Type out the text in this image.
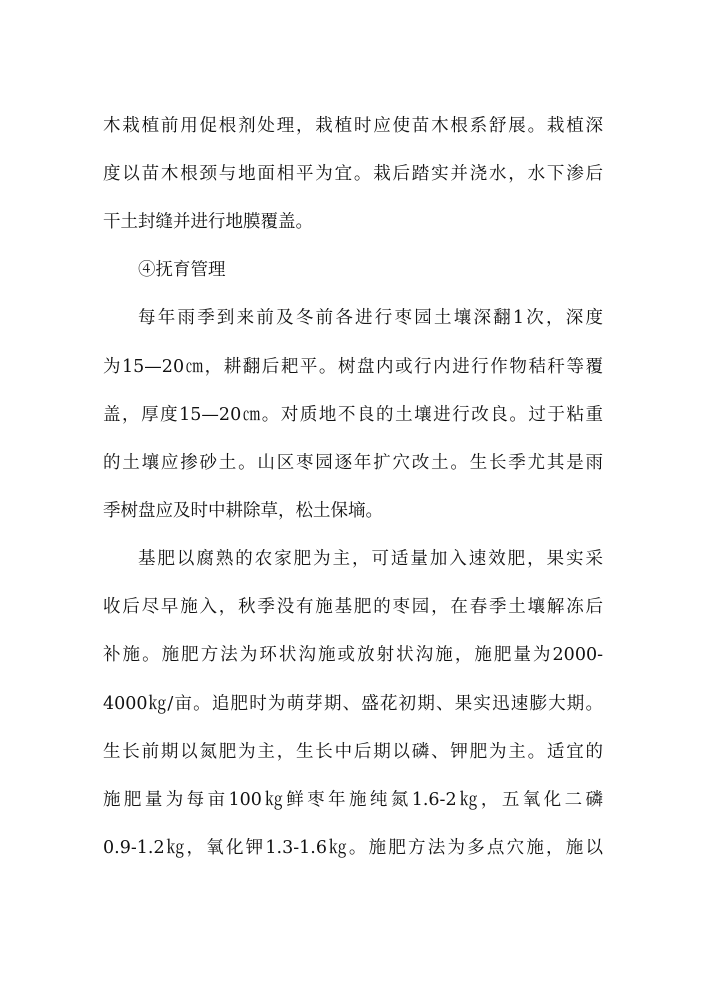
木栽植前用促根剂处理，栽植时应使苗木根系舒展。栽植深
度以苗木根颈与地面相平为宜。栽后踏实并浇水，水下渗后
干土封缝并进行地膜覆盖。
④抚育管理
每年雨季到来前及冬前各进行枣园土壤深翻1次，深度
为15—20㎝，耕翻后耙平。树盘内或行内进行作物秸秆等覆
盖，厚度15—20㎝。对质地不良的土壤进行改良。过于粘重
的土壤应掺砂土。山区枣园逐年扩穴改土。生长季尤其是雨
季树盘应及时中耕除草，松土保墒。
基肥以腐熟的农家肥为主，可适量加入速效肥，果实采
收后尽早施入，秋季没有施基肥的枣园，在春季土壤解冻后
补施。施肥方法为环状沟施或放射状沟施，施肥量为2000-
4000㎏/亩。追肥时为萌芽期、盛花初期、果实迅速膨大期。
生长前期以氮肥为主，生长中后期以磷、钾肥为主。适宜的
施肥量为每亩100㎏鲜枣年施纯氮1.6-2㎏，五氧化二磷
0.9-1.2㎏，氧化钾1.3-1.6㎏。施肥方法为多点穴施，施以
